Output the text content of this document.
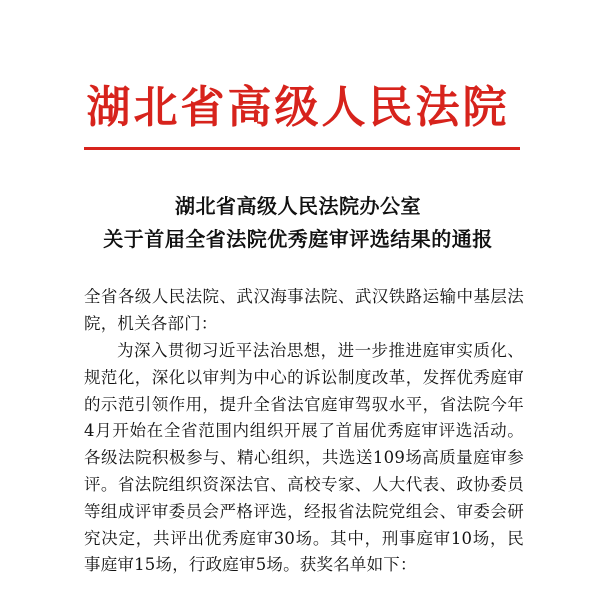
湖北省高级人民法院
湖北省高级人民法院办公室
关于首届全省法院优秀庭审评选结果的通报
全省各级人民法院、武汉海事法院、武汉铁路运输中基层法院，机关各部门：
为深入贯彻习近平法治思想，进一步推进庭审实质化、规范化，深化以审判为中心的诉讼制度改革，发挥优秀庭审的示范引领作用，提升全省法官庭审驾驭水平，省法院今年4月开始在全省范围内组织开展了首届优秀庭审评选活动。各级法院积极参与、精心组织，共选送109场高质量庭审参评。省法院组织资深法官、高校专家、人大代表、政协委员等组成评审委员会严格评选，经报省法院党组会、审委会研究决定，共评出优秀庭审30场。其中，刑事庭审10场，民事庭审15场，行政庭审5场。获奖名单如下：
